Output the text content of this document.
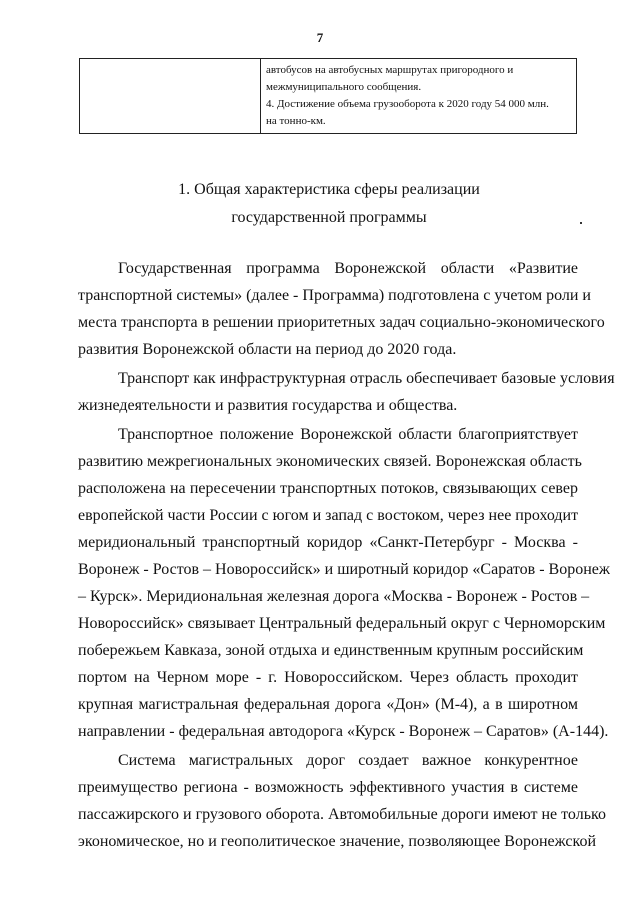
7

автобусов на автобусных маршрутах пригородного и
межмуниципального сообщения.
4. Достижение объема грузооборота к 2020 году 54 000 млн.
на тонно-км.
1. Общая характеристика сферы реализации
государственной программы
Государственная программа Воронежской области «Развитие
транспортной системы» (далее - Программа) подготовлена с учетом роли и
места транспорта в решении приоритетных задач социально-экономического
развития Воронежской области на период до 2020 года.
Транспорт как инфраструктурная отрасль обеспечивает базовые условия
жизнедеятельности и развития государства и общества.
Транспортное положение Воронежской области благоприятствует
развитию межрегиональных экономических связей. Воронежская область
расположена на пересечении транспортных потоков, связывающих север
европейской части России с югом и запад с востоком, через нее проходит
меридиональный транспортный коридор «Санкт-Петербург - Москва -
Воронеж - Ростов – Новороссийск» и широтный коридор «Саратов - Воронеж
– Курск». Меридиональная железная дорога «Москва - Воронеж - Ростов –
Новороссийск» связывает Центральный федеральный округ с Черноморским
побережьем Кавказа, зоной отдыха и единственным крупным российским
портом на Черном море - г. Новороссийском. Через область проходит
крупная магистральная федеральная дорога «Дон» (М-4), а в широтном
направлении - федеральная автодорога «Курск - Воронеж – Саратов» (А-144).
Система магистральных дорог создает важное конкурентное
преимущество региона - возможность эффективного участия в системе
пассажирского и грузового оборота. Автомобильные дороги имеют не только
экономическое, но и геополитическое значение, позволяющее Воронежской
